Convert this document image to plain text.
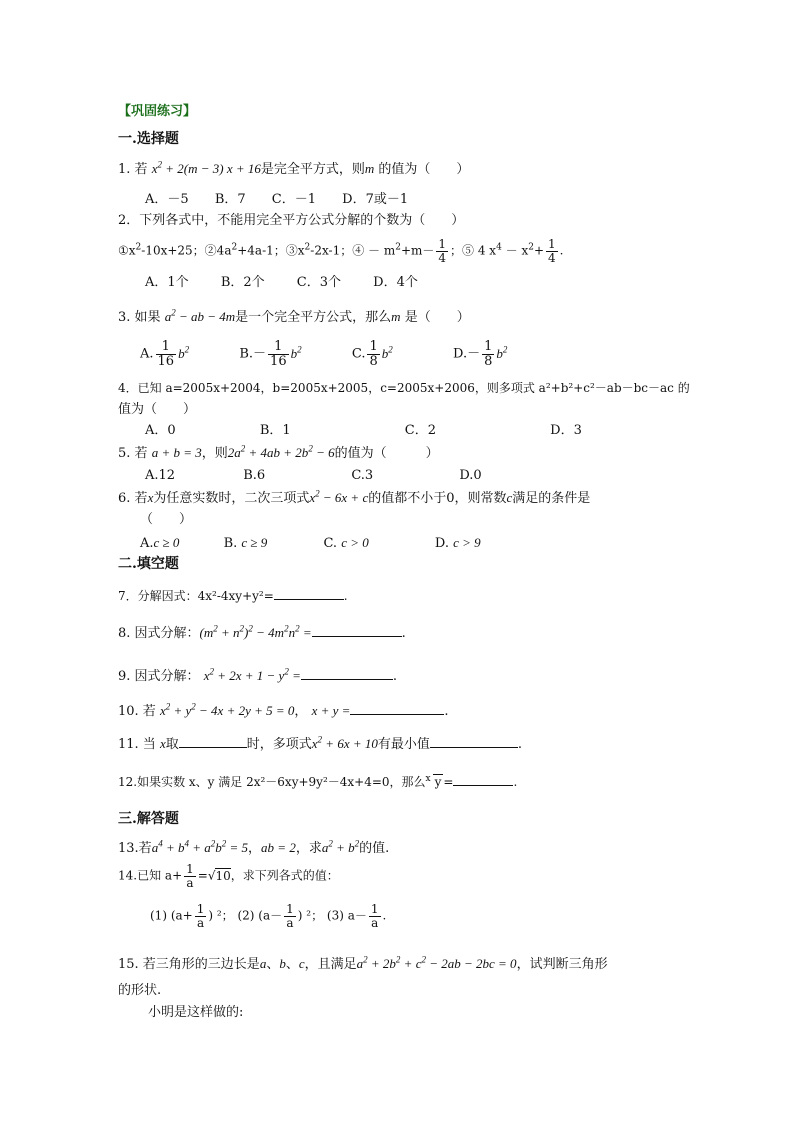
【巩固练习】
一.选择题
1. 若 $x^2 + 2(m - 3) x + 16$是完全平方式，则m 的值为（　　）
A．－5 B．7 C．－1 D．7或－1
2．下列各式中，不能用完全平方公式分解的个数为（　　）
$①x^2-10x+25$；$②4a^2+4a-1$；$③x^2-2x-1$；④ － $m^2+m- \frac{1}{4}$ ；⑤ 4 $x^4 - x^2+ \frac{1}{4}$ .
A．1个 B．2个 C．3个 D．4个
3. 如果 $a^2$ − ab − 4m是一个完全平方公式，那么m 是（　　）
A. $\frac{1}{16} b^2$	$B.- \frac{1}{16} b^2$	C. $\frac{1}{8} b^2$	$D.- \frac{1}{8} b^2$
4．已知 a=2005x+2004，b=2005x+2005，c=2005x+2006，则多项式 a²+b²+c²－ab－bc－ac 的
值为（　　）
A．0	B．1	C．2	D．3
5. 若 a + b = 3，则$2a^2 + 4ab + 2b^2 - 6$的值为（　　　）
A.12	B.6	C.3	D.0
6. 若x为任意实数时，二次三项式$x^2 - 6x + c$的值都不小于0，则常数c满足的条件是
（　　）
A.c ≥ 0	B. c ≥ 9	C. c > 0	D. c > 9
二.填空题
7．分解因式：4x²-4xy+y²=	.
8. 因式分解：$(m^2 + n^2)^2 - 4m^2n^2$ =	.
9. 因式分解： $x^2 + 2x + 1 - y^2$ =	.
10. 若 $x^2 + y^2 - 4x + 2y + 5 = 0$， x + y =	.
11. 当 x取	时，多项式$x^2 + 6x + 10$有最小值	.
12.如果实数 x、y 满足 2x²－6xy+9y²－4x+4=0，那么$^x$ y =	.
三.解答题
13.若$a^4 + b^4 + a^2b^2 = 5$，ab = 2，求$a^2 + b^2$的值.
14.已知 $a+ \frac{1}{a} =√10$，求下列各式的值：
(1) ($a+ \frac{1}{a}$ ) ²； (2) ($a- \frac{1}{a}$ ) ²； (3) $a- \frac{1}{a}$ .
15. 若三角形的三边长是a、b、c，且满足$a^2 + 2b^2 + c^2 - 2ab - 2bc = 0$，试判断三角形
的形状.
小明是这样做的:
